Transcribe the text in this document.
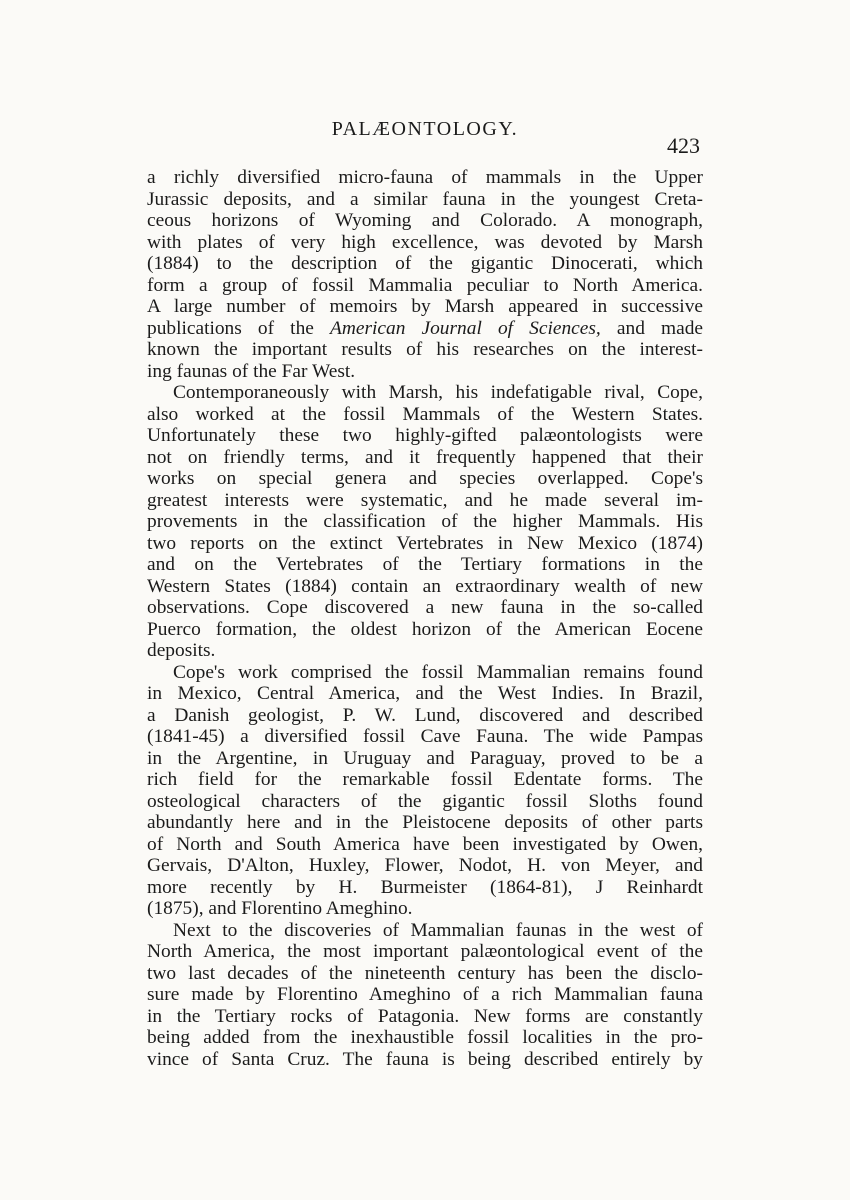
PALÆONTOLOGY.
423
a richly diversified micro-fauna of mammals in the Upper
Jurassic deposits, and a similar fauna in the youngest Creta-
ceous horizons of Wyoming and Colorado. A monograph,
with plates of very high excellence, was devoted by Marsh
(1884) to the description of the gigantic Dinocerati, which
form a group of fossil Mammalia peculiar to North America.
A large number of memoirs by Marsh appeared in successive
publications of the American Journal of Sciences, and made
known the important results of his researches on the interest-
ing faunas of the Far West.
Contemporaneously with Marsh, his indefatigable rival, Cope,
also worked at the fossil Mammals of the Western States.
Unfortunately these two highly-gifted palæontologists were
not on friendly terms, and it frequently happened that their
works on special genera and species overlapped. Cope's
greatest interests were systematic, and he made several im-
provements in the classification of the higher Mammals. His
two reports on the extinct Vertebrates in New Mexico (1874)
and on the Vertebrates of the Tertiary formations in the
Western States (1884) contain an extraordinary wealth of new
observations. Cope discovered a new fauna in the so-called
Puerco formation, the oldest horizon of the American Eocene
deposits.
Cope's work comprised the fossil Mammalian remains found
in Mexico, Central America, and the West Indies. In Brazil,
a Danish geologist, P. W. Lund, discovered and described
(1841-45) a diversified fossil Cave Fauna. The wide Pampas
in the Argentine, in Uruguay and Paraguay, proved to be a
rich field for the remarkable fossil Edentate forms. The
osteological characters of the gigantic fossil Sloths found
abundantly here and in the Pleistocene deposits of other parts
of North and South America have been investigated by Owen,
Gervais, D'Alton, Huxley, Flower, Nodot, H. von Meyer, and
more recently by H. Burmeister (1864-81), J Reinhardt
(1875), and Florentino Ameghino.
Next to the discoveries of Mammalian faunas in the west of
North America, the most important palæontological event of the
two last decades of the nineteenth century has been the disclo-
sure made by Florentino Ameghino of a rich Mammalian fauna
in the Tertiary rocks of Patagonia. New forms are constantly
being added from the inexhaustible fossil localities in the pro-
vince of Santa Cruz. The fauna is being described entirely by
